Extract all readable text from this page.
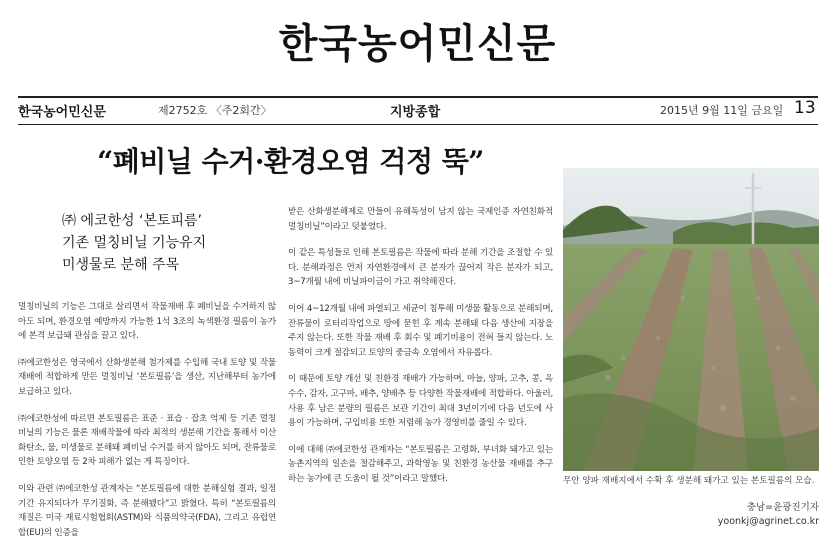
한국농어민신문
한국농어민신문	제2752호 〈주2회간〉	지방종합	2015년 9월 11일 금요일 13
“폐비닐 수거·환경오염 걱정 뚝”
㈜ 에코한성 ‘본토피름’
기존 멀칭비닐 기능유지
미생물로 분해 주목

멀칭비닐의 기능은 그대로 살리면서 작물재배 후 폐비닐을 수거하지 않아도 되며, 환경오염 예방까지 가능한 1석 3조의 녹색환경 필름이 농가에 본격 보급돼 관심을 끌고 있다.

㈜에코한성은 영국에서 산화생분해 첨가제를 수입해 국내 토양 및 작물재배에 적합하게 만든 멀칭비닐 ‘본토필름’을 생산, 지난해부터 농가에 보급하고 있다.

㈜에코한성에 따르면 본토필름은 표준 · 표습 · 잡초 억제 등 기존 멀칭비닐의 기능은 물론 재배작물에 따라 최적의 생분해 기간을 통해서 이산화탄소, 물, 미생물로 분해돼 폐비닐 수거를 하지 않아도 되며, 잔류물로 인한 토양오염 등 2차 피해가 없는 게 특징이다.

이와 관련 ㈜에코한성 관계자는 “본토필름에 대한 분해실험 결과, 일정기간 유지되다가 무기질화, 즉 분해됐다”고 밝혔다. 특히 “본토필름의 재질은 미국 재료시험협회(ASTM)와 식품의약국(FDA), 그리고 유럽연합(EU)의 인증을

받은 산화생분해제로 만들어 유해독성이 남지 않는 국제인증 자연친화적 멀칭비닐”이라고 덧붙였다.

이 같은 특성들로 인해 본토필름은 작물에 따라 분해 기간을 조절할 수 있다. 분해과정은 먼저 자연환경에서 큰 분자가 끊어져 작은 분자가 되고, 3~7개월 내에 비닐파이금이 가고 취약해진다.

이어 4~12개월 내에 파열되고 세균이 침투해 미생물 활동으로 분해되며, 잔류물이 로터리작업으로 땅에 묻힌 후 계속 분해돼 다음 생산에 지장을 주지 않는다. 또한 작물 재배 후 회수 및 폐기비용이 전혀 들지 않는다. 노동력이 크게 절감되고 토양의 중금속 오염에서 자유롭다.

이 때문에 토양 개선 및 친환경 재배가 가능하며, 마늘, 양파, 고추, 콩, 옥수수, 감자, 고구마, 배추, 양배추 등 다양한 작물재배에 적합하다. 아울러, 사용 후 남은 분량의 필름은 보관 기간이 최대 3년이기에 다음 년도에 사용이 가능하며, 구입비용 또한 저렴해 농가 경영비를 줄일 수 있다.

이에 대해 ㈜에코한성 관계자는 “본토필름은 고령화, 부녀화 돼가고 있는 농촌지역의 일손을 절감해주고, 과학영농 및 친환경 농산물 재배를 추구하는 농가에 큰 도움이 될 것”이라고 말했다.	무안 양파 재배지에서 수확 후 생분해 돼가고 있는 본토필름의 모습.
충남=윤광진기자
yoonkj@agrinet.co.kr
